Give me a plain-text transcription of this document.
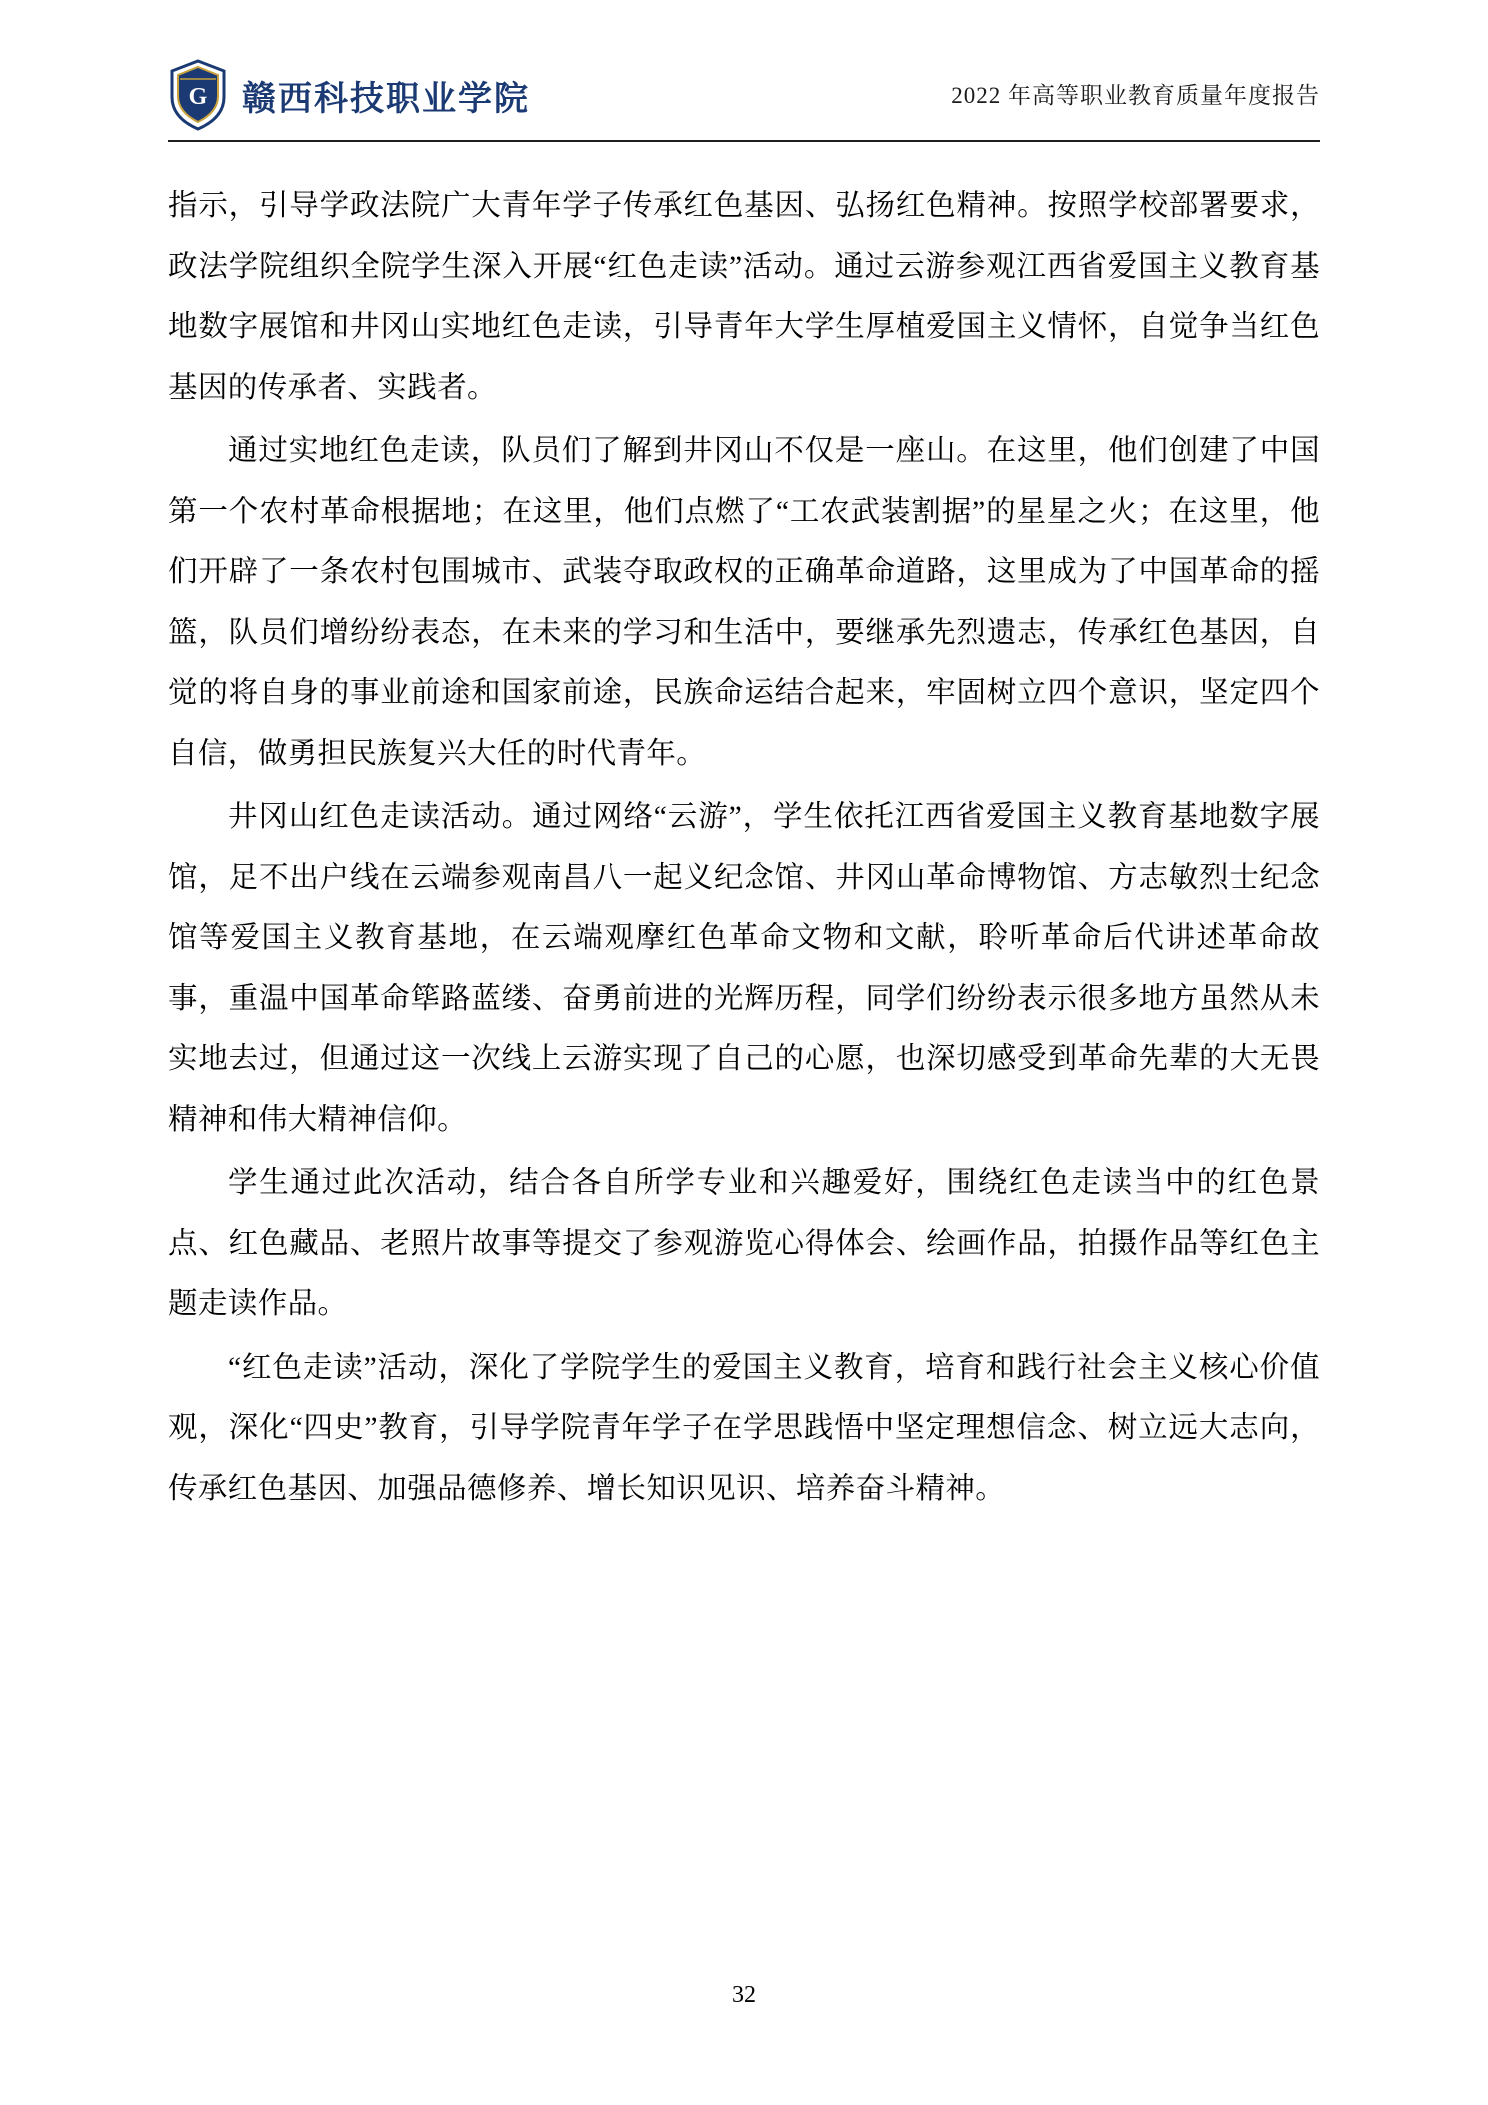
G 赣西科技职业学院	2022 年高等职业教育质量年度报告

指示，引导学政法院广大青年学子传承红色基因、弘扬红色精神。按照学校部署要求，政法学院组织全院学生深入开展“红色走读”活动。通过云游参观江西省爱国主义教育基地数字展馆和井冈山实地红色走读，引导青年大学生厚植爱国主义情怀，自觉争当红色基因的传承者、实践者。

通过实地红色走读，队员们了解到井冈山不仅是一座山。在这里，他们创建了中国第一个农村革命根据地；在这里，他们点燃了“工农武装割据”的星星之火；在这里，他们开辟了一条农村包围城市、武装夺取政权的正确革命道路，这里成为了中国革命的摇篮，队员们增纷纷表态，在未来的学习和生活中，要继承先烈遗志，传承红色基因，自觉的将自身的事业前途和国家前途，民族命运结合起来，牢固树立四个意识，坚定四个自信，做勇担民族复兴大任的时代青年。

井冈山红色走读活动。通过网络“云游”，学生依托江西省爱国主义教育基地数字展馆，足不出户线在云端参观南昌八一起义纪念馆、井冈山革命博物馆、方志敏烈士纪念馆等爱国主义教育基地，在云端观摩红色革命文物和文献，聆听革命后代讲述革命故事，重温中国革命筚路蓝缕、奋勇前进的光辉历程，同学们纷纷表示很多地方虽然从未实地去过，但通过这一次线上云游实现了自己的心愿，也深切感受到革命先辈的大无畏精神和伟大精神信仰。

学生通过此次活动，结合各自所学专业和兴趣爱好，围绕红色走读当中的红色景点、红色藏品、老照片故事等提交了参观游览心得体会、绘画作品，拍摄作品等红色主题走读作品。

“红色走读”活动，深化了学院学生的爱国主义教育，培育和践行社会主义核心价值观，深化“四史”教育，引导学院青年学子在学思践悟中坚定理想信念、树立远大志向，传承红色基因、加强品德修养、增长知识见识、培养奋斗精神。

32
